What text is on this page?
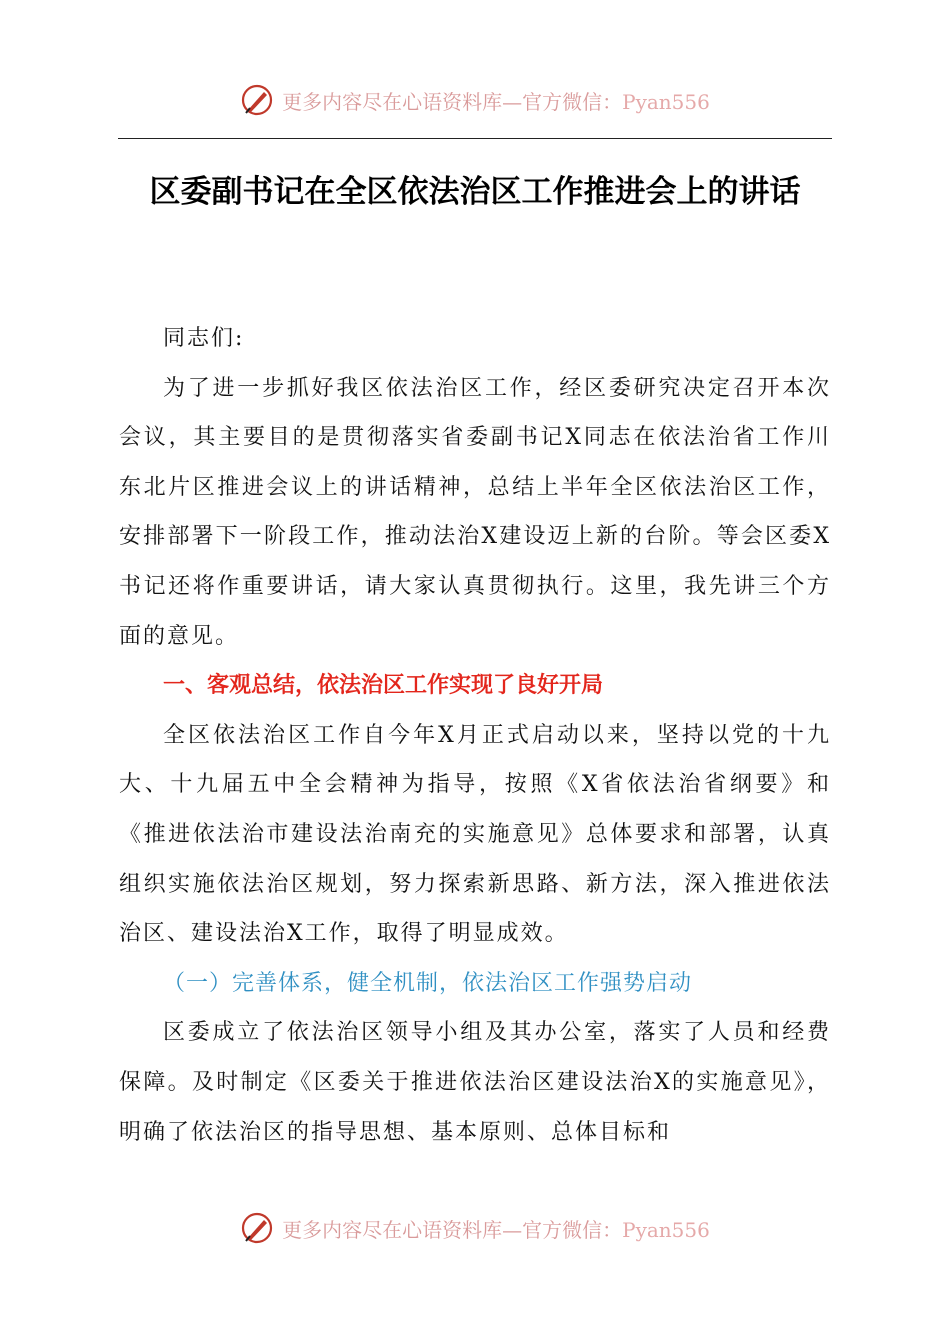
更多内容尽在心语资料库—官方微信：Pyan556
区委副书记在全区依法治区工作推进会上的讲话

同志们:

为了进一步抓好我区依法治区工作，经区委研究决定召开本次会议，其主要目的是贯彻落实省委副书记X同志在依法治省工作川东北片区推进会议上的讲话精神，总结上半年全区依法治区工作，安排部署下一阶段工作，推动法治X建设迈上新的台阶。等会区委X书记还将作重要讲话，请大家认真贯彻执行。这里，我先讲三个方面的意见。

一、客观总结，依法治区工作实现了良好开局

全区依法治区工作自今年X月正式启动以来，坚持以党的十九大、十九届五中全会精神为指导，按照《X省依法治省纲要》和《推进依法治市建设法治南充的实施意见》总体要求和部署，认真组织实施依法治区规划，努力探索新思路、新方法，深入推进依法治区、建设法治X工作，取得了明显成效。

（一）完善体系，健全机制，依法治区工作强势启动

区委成立了依法治区领导小组及其办公室，落实了人员和经费保障。及时制定《区委关于推进依法治区建设法治X的实施意见》，明确了依法治区的指导思想、基本原则、总体目标和

更多内容尽在心语资料库—官方微信：Pyan556
